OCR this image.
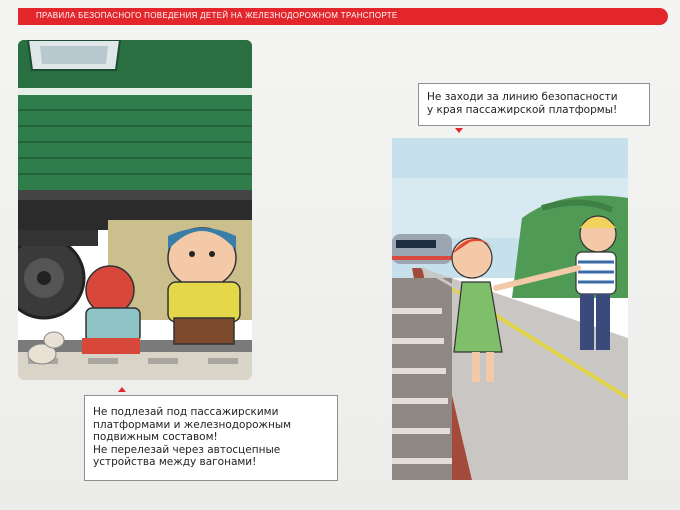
ПРАВИЛА БЕЗОПАСНОГО ПОВЕДЕНИЯ ДЕТЕЙ НА ЖЕЛЕЗНОДОРОЖНОМ ТРАНСПОРТЕ
Не заходи за линию безопасности
у края пассажирской платформы!
Не подлезай под пассажирскими
платформами и железнодорожным
подвижным составом!
Не перелезай через автосцепные
устройства между вагонами!
